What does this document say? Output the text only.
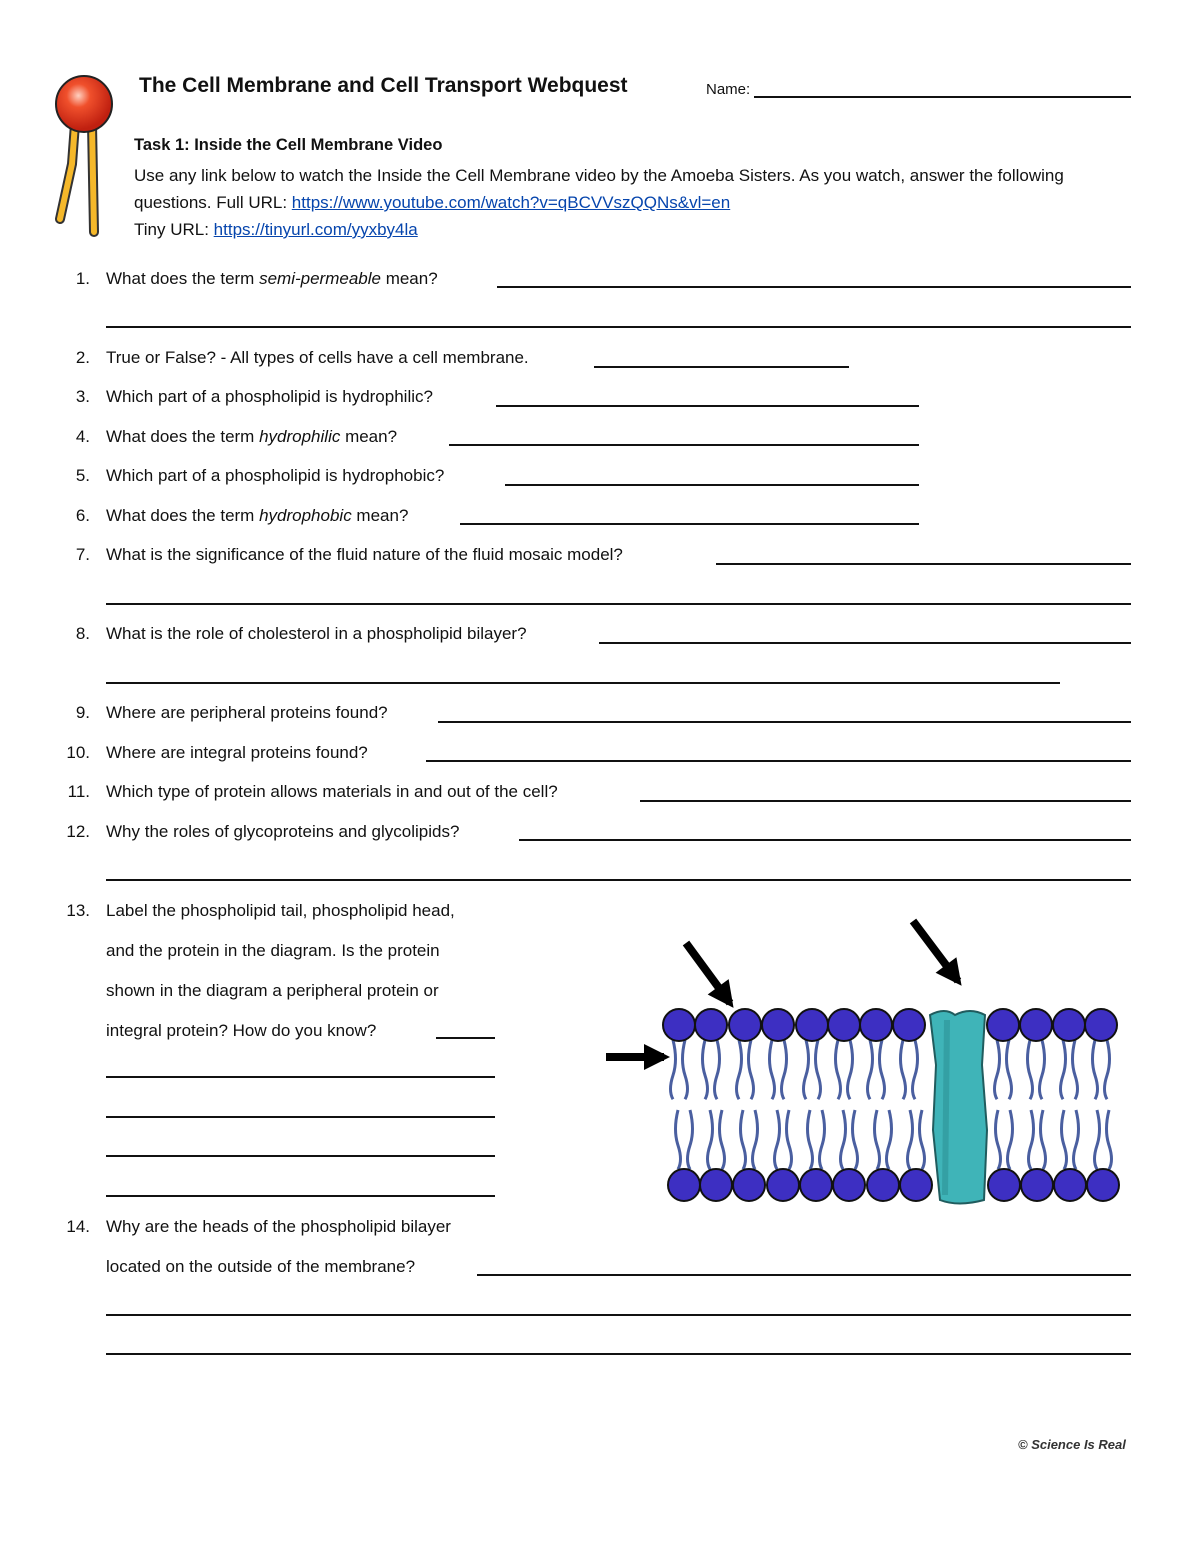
The Cell Membrane and Cell Transport Webquest	Name:
Task 1: Inside the Cell Membrane Video
Use any link below to watch the Inside the Cell Membrane video by the Amoeba Sisters. As you watch, answer the following questions. Full URL: https://www.youtube.com/watch?v=qBCVVszQQNs&vl=en
Tiny URL: https://tinyurl.com/yyxby4la
1. What does the term semi-permeable mean?
2. True or False? - All types of cells have a cell membrane.
3. Which part of a phospholipid is hydrophilic?
4. What does the term hydrophilic mean?
5. Which part of a phospholipid is hydrophobic?
6. What does the term hydrophobic mean?
7. What is the significance of the fluid nature of the fluid mosaic model?
8. What is the role of cholesterol in a phospholipid bilayer?
9. Where are peripheral proteins found?
10. Where are integral proteins found?
11. Which type of protein allows materials in and out of the cell?
12. Why the roles of glycoproteins and glycolipids?
13. Label the phospholipid tail, phospholipid head,
and the protein in the diagram. Is the protein
shown in the diagram a peripheral protein or
integral protein? How do you know?
14. Why are the heads of the phospholipid bilayer
located on the outside of the membrane?
© Science Is Real
